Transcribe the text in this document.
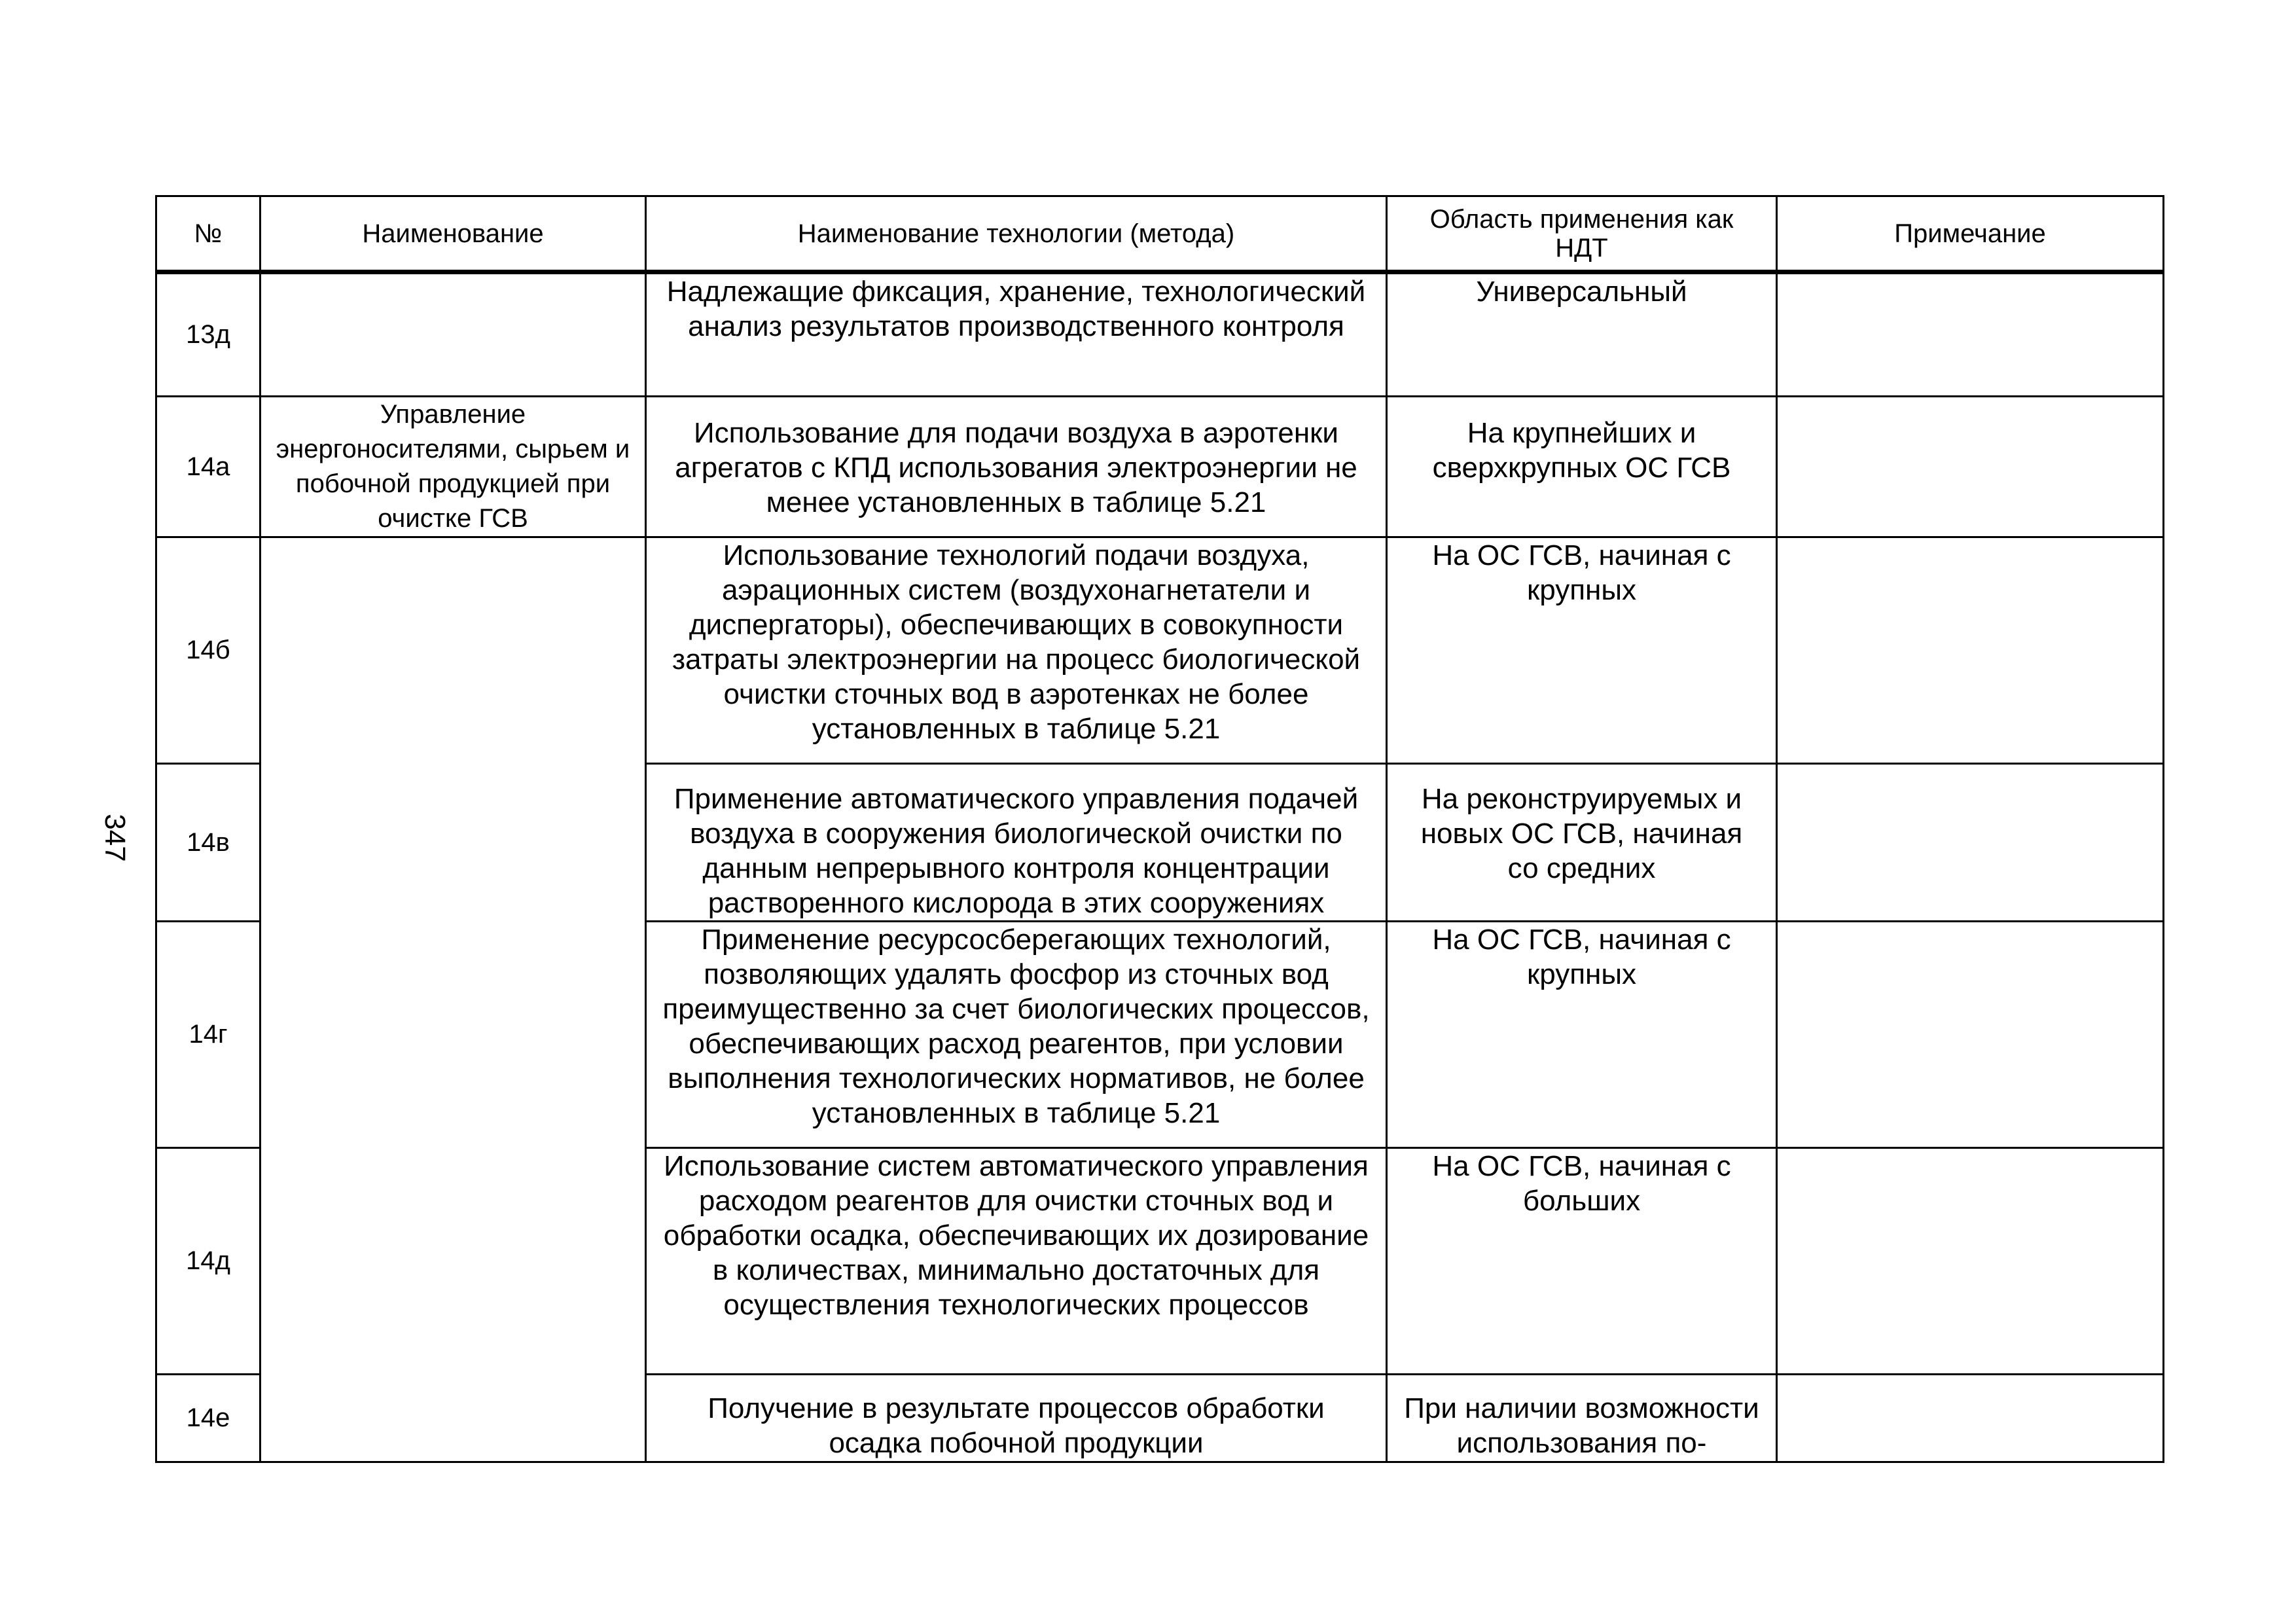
347
№	Наименование	Наименование технологии (метода)	Область применения как НДТ	Примечание
13д		Надлежащие фиксация, хранение, технологический анализ результатов производственного контроля	Универсальный	
14а	Управление энергоносителями, сырьем и побочной продукцией при очистке ГСВ	Использование для подачи воздуха в аэротенки агрегатов с КПД использования электроэнергии не менее установленных в таблице 5.21	На крупнейших и сверхкрупных ОС ГСВ	
14б		Использование технологий подачи воздуха, аэрационных систем (воздухонагнетатели и диспергаторы), обеспечивающих в совокупности затраты электроэнергии на процесс биологической очистки сточных вод в аэротенках не более установленных в таблице 5.21	На ОС ГСВ, начиная с крупных	
14в		Применение автоматического управления подачей воздуха в сооружения биологической очистки по данным непрерывного контроля концентрации растворенного кислорода в этих сооружениях	На реконструируемых и новых ОС ГСВ, начиная со средних	
14г		Применение ресурсосберегающих технологий, позволяющих удалять фосфор из сточных вод преимущественно за счет биологических процессов, обеспечивающих расход реагентов, при условии выполнения технологических нормативов, не более установленных в таблице 5.21	На ОС ГСВ, начиная с крупных	
14д		Использование систем автоматического управления расходом реагентов для очистки сточных вод и обработки осадка, обеспечивающих их дозирование в количествах, минимально достаточных для осуществления технологических процессов	На ОС ГСВ, начиная с больших	
14е		Получение в результате процессов обработки осадка побочной продукции	При наличии возможности использования по-	
